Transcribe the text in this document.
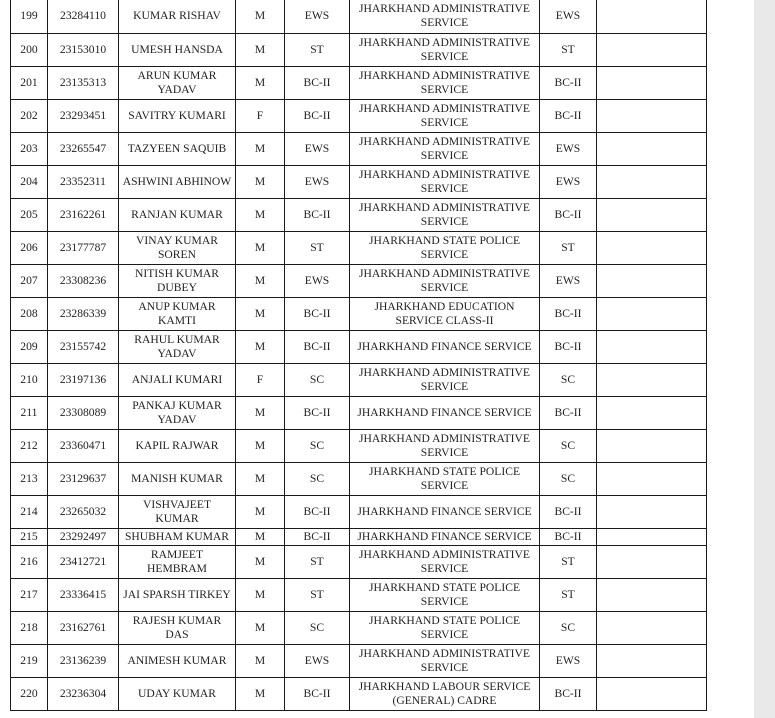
199	23284110	KUMAR RISHAV	M	EWS	JHARKHAND ADMINISTRATIVE SERVICE	EWS	
200	23153010	UMESH HANSDA	M	ST	JHARKHAND ADMINISTRATIVE SERVICE	ST	
201	23135313	ARUN KUMAR YADAV	M	BC-II	JHARKHAND ADMINISTRATIVE SERVICE	BC-II	
202	23293451	SAVITRY KUMARI	F	BC-II	JHARKHAND ADMINISTRATIVE SERVICE	BC-II	
203	23265547	TAZYEEN SAQUIB	M	EWS	JHARKHAND ADMINISTRATIVE SERVICE	EWS	
204	23352311	ASHWINI ABHINOW	M	EWS	JHARKHAND ADMINISTRATIVE SERVICE	EWS	
205	23162261	RANJAN KUMAR	M	BC-II	JHARKHAND ADMINISTRATIVE SERVICE	BC-II	
206	23177787	VINAY KUMAR SOREN	M	ST	JHARKHAND STATE POLICE SERVICE	ST	
207	23308236	NITISH KUMAR DUBEY	M	EWS	JHARKHAND ADMINISTRATIVE SERVICE	EWS	
208	23286339	ANUP KUMAR KAMTI	M	BC-II	JHARKHAND EDUCATION SERVICE CLASS-II	BC-II	
209	23155742	RAHUL KUMAR YADAV	M	BC-II	JHARKHAND FINANCE SERVICE	BC-II	
210	23197136	ANJALI KUMARI	F	SC	JHARKHAND ADMINISTRATIVE SERVICE	SC	
211	23308089	PANKAJ KUMAR YADAV	M	BC-II	JHARKHAND FINANCE SERVICE	BC-II	
212	23360471	KAPIL RAJWAR	M	SC	JHARKHAND ADMINISTRATIVE SERVICE	SC	
213	23129637	MANISH KUMAR	M	SC	JHARKHAND STATE POLICE SERVICE	SC	
214	23265032	VISHVAJEET KUMAR	M	BC-II	JHARKHAND FINANCE SERVICE	BC-II	
215	23292497	SHUBHAM KUMAR	M	BC-II	JHARKHAND FINANCE SERVICE	BC-II	
216	23412721	RAMJEET HEMBRAM	M	ST	JHARKHAND ADMINISTRATIVE SERVICE	ST	
217	23336415	JAI SPARSH TIRKEY	M	ST	JHARKHAND STATE POLICE SERVICE	ST	
218	23162761	RAJESH KUMAR DAS	M	SC	JHARKHAND STATE POLICE SERVICE	SC	
219	23136239	ANIMESH KUMAR	M	EWS	JHARKHAND ADMINISTRATIVE SERVICE	EWS	
220	23236304	UDAY KUMAR	M	BC-II	JHARKHAND LABOUR SERVICE (GENERAL) CADRE	BC-II	
